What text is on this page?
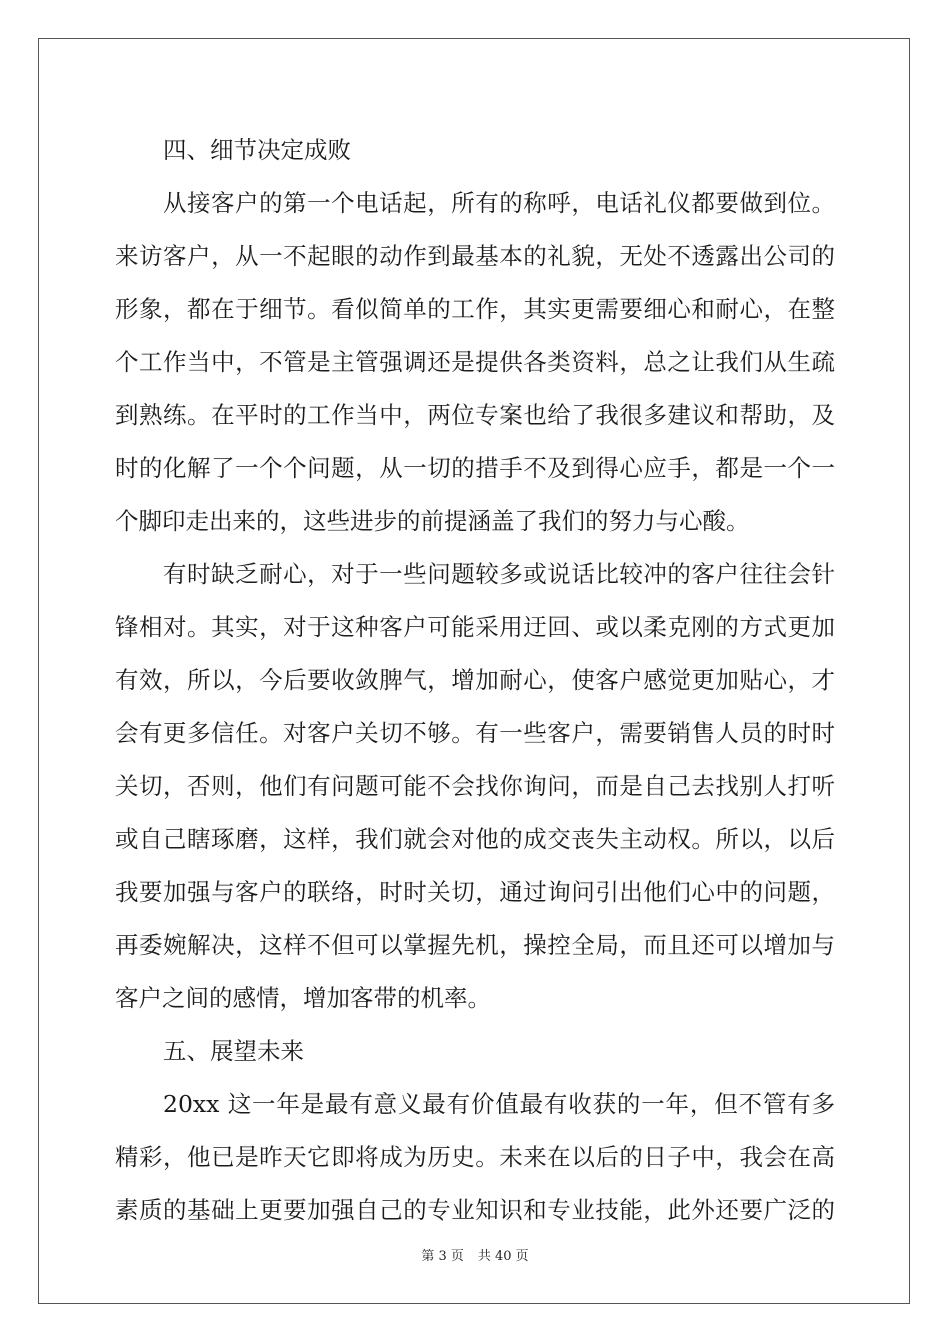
四、细节决定成败
从接客户的第一个电话起，所有的称呼，电话礼仪都要做到位。
来访客户，从一不起眼的动作到最基本的礼貌，无处不透露出公司的
形象，都在于细节。看似简单的工作，其实更需要细心和耐心，在整
个工作当中，不管是主管强调还是提供各类资料，总之让我们从生疏
到熟练。在平时的工作当中，两位专案也给了我很多建议和帮助，及
时的化解了一个个问题，从一切的措手不及到得心应手，都是一个一
个脚印走出来的，这些进步的前提涵盖了我们的努力与心酸。
有时缺乏耐心，对于一些问题较多或说话比较冲的客户往往会针
锋相对。其实，对于这种客户可能采用迂回、或以柔克刚的方式更加
有效，所以，今后要收敛脾气，增加耐心，使客户感觉更加贴心，才
会有更多信任。对客户关切不够。有一些客户，需要销售人员的时时
关切，否则，他们有问题可能不会找你询问，而是自己去找别人打听
或自己瞎琢磨，这样，我们就会对他的成交丧失主动权。所以，以后
我要加强与客户的联络，时时关切，通过询问引出他们心中的问题，
再委婉解决，这样不但可以掌握先机，操控全局，而且还可以增加与
客户之间的感情，增加客带的机率。
五、展望未来
20xx 这一年是最有意义最有价值最有收获的一年，但不管有多
精彩，他已是昨天它即将成为历史。未来在以后的日子中，我会在高
素质的基础上更要加强自己的专业知识和专业技能，此外还要广泛的
第 3 页 共 40 页
